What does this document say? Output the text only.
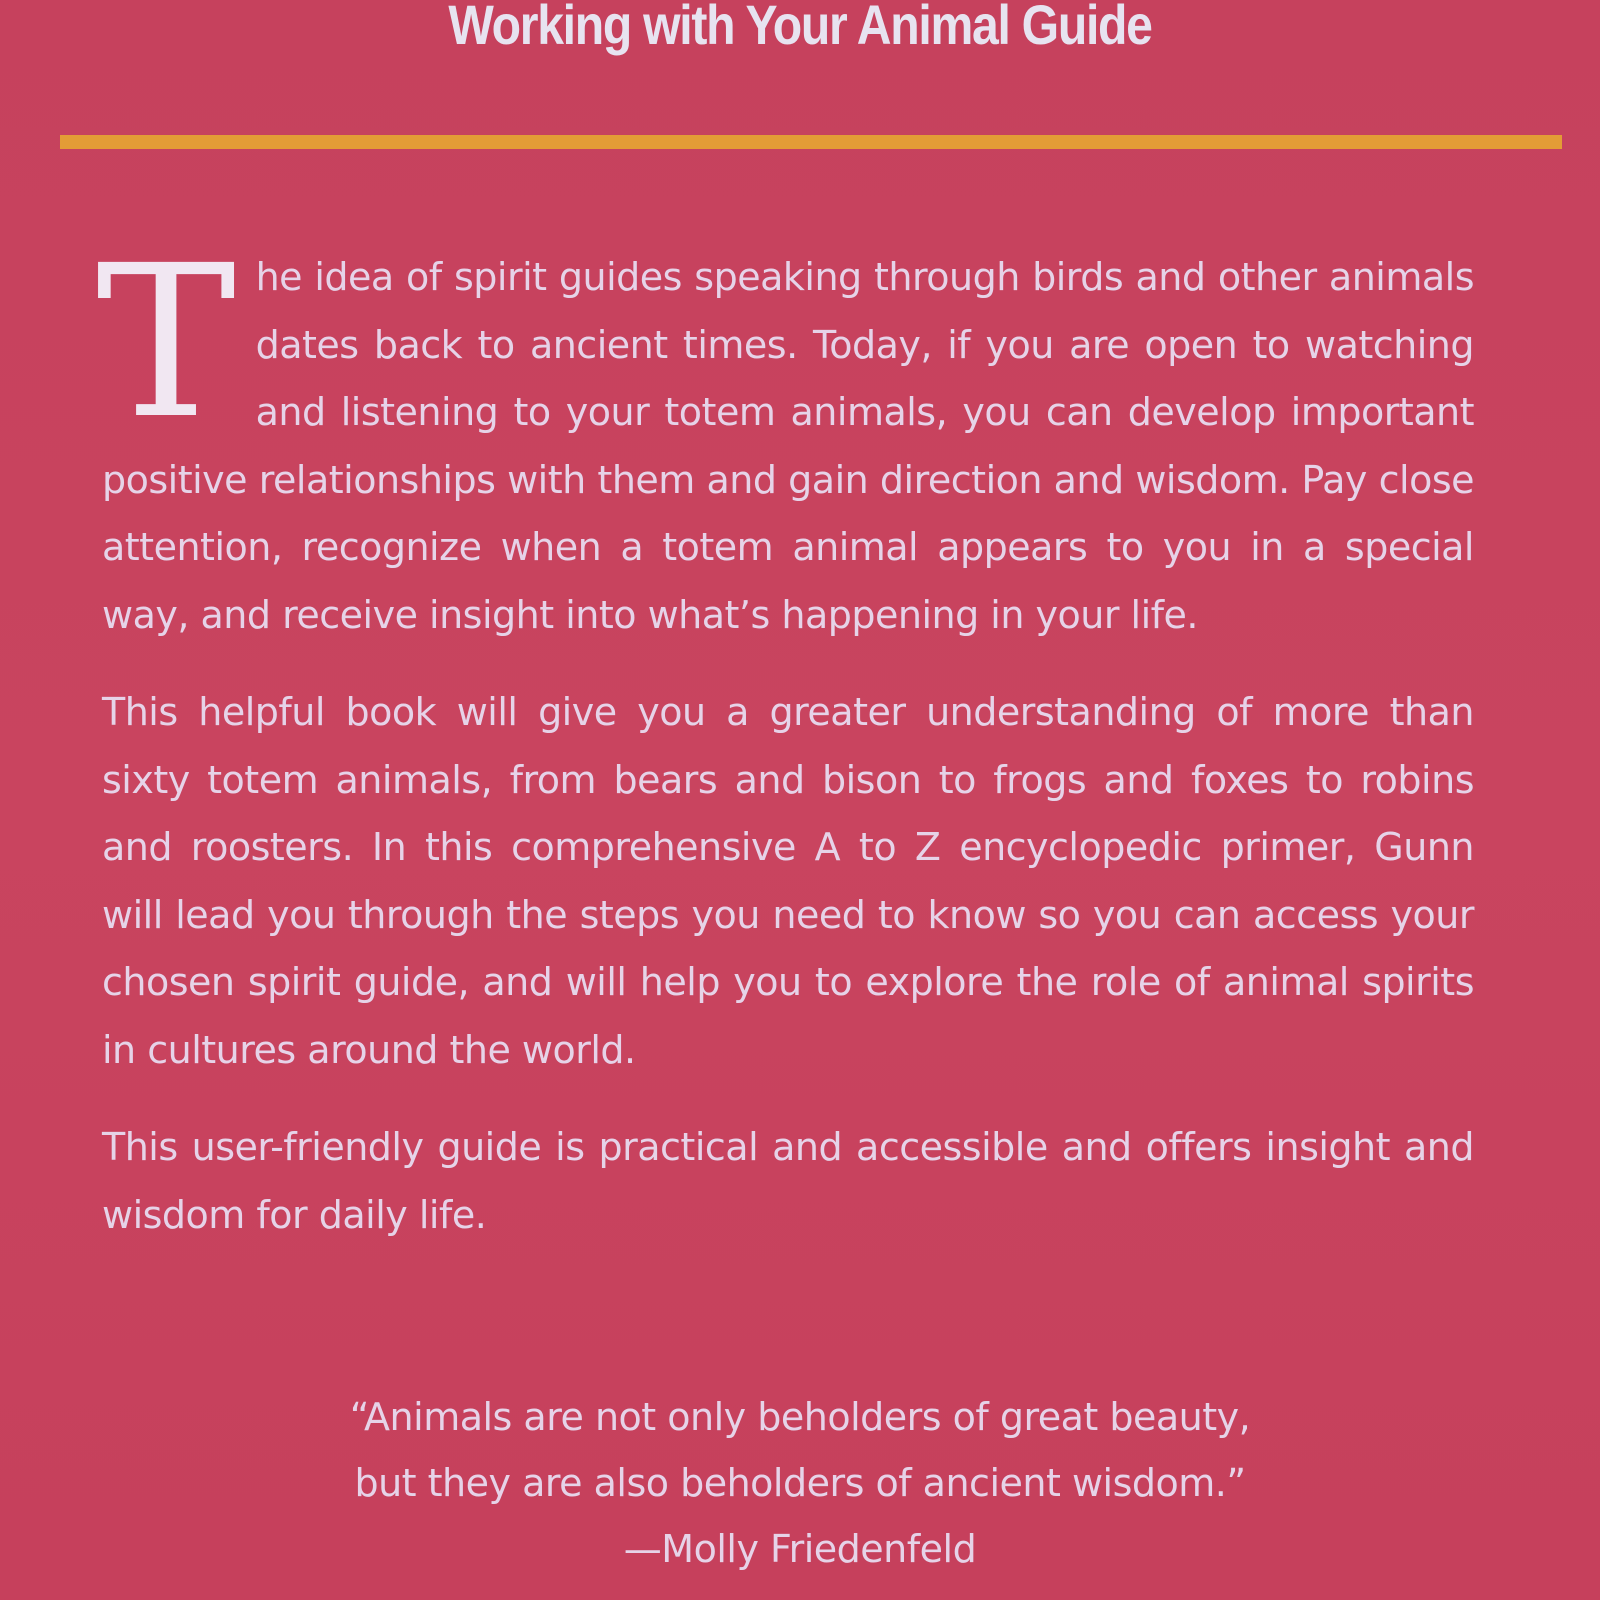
Working with Your Animal Guide

The idea of spirit guides speaking through birds and other animals dates back to ancient times. Today, if you are open to watching and listening to your totem animals, you can develop important positive relationships with them and gain direction and wisdom. Pay close attention, recognize when a totem animal appears to you in a special way, and receive insight into what’s happening in your life.

This helpful book will give you a greater understanding of more than sixty totem animals, from bears and bison to frogs and foxes to robins and roosters. In this comprehensive A to Z encyclopedic primer, Gunn will lead you through the steps you need to know so you can access your chosen spirit guide, and will help you to explore the role of animal spirits in cultures around the world.

This user-friendly guide is practical and accessible and offers insight and wisdom for daily life.

“Animals are not only beholders of great beauty,
but they are also beholders of ancient wisdom.”
—Molly Friedenfeld
